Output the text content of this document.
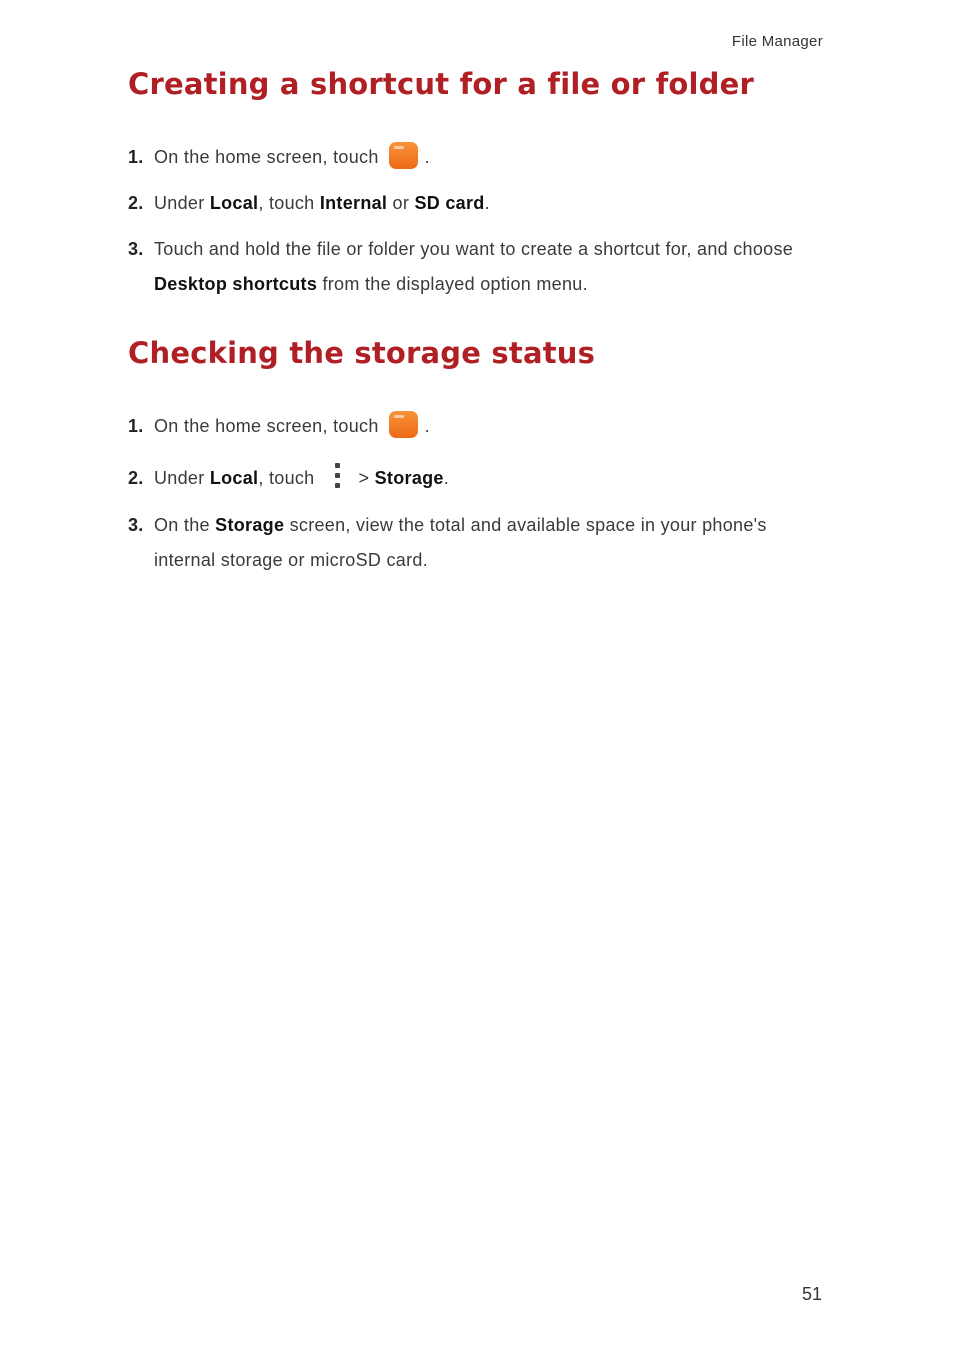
File Manager
Creating a shortcut for a file or folder
1. On the home screen, touch	.
2. Under Local, touch Internal or SD card.
3. Touch and hold the file or folder you want to create a shortcut for, and choose Desktop shortcuts from the displayed option menu.
Checking the storage status
1. On the home screen, touch	.
2. Under Local, touch > Storage.
3. On the Storage screen, view the total and available space in your phone's internal storage or microSD card.
51
